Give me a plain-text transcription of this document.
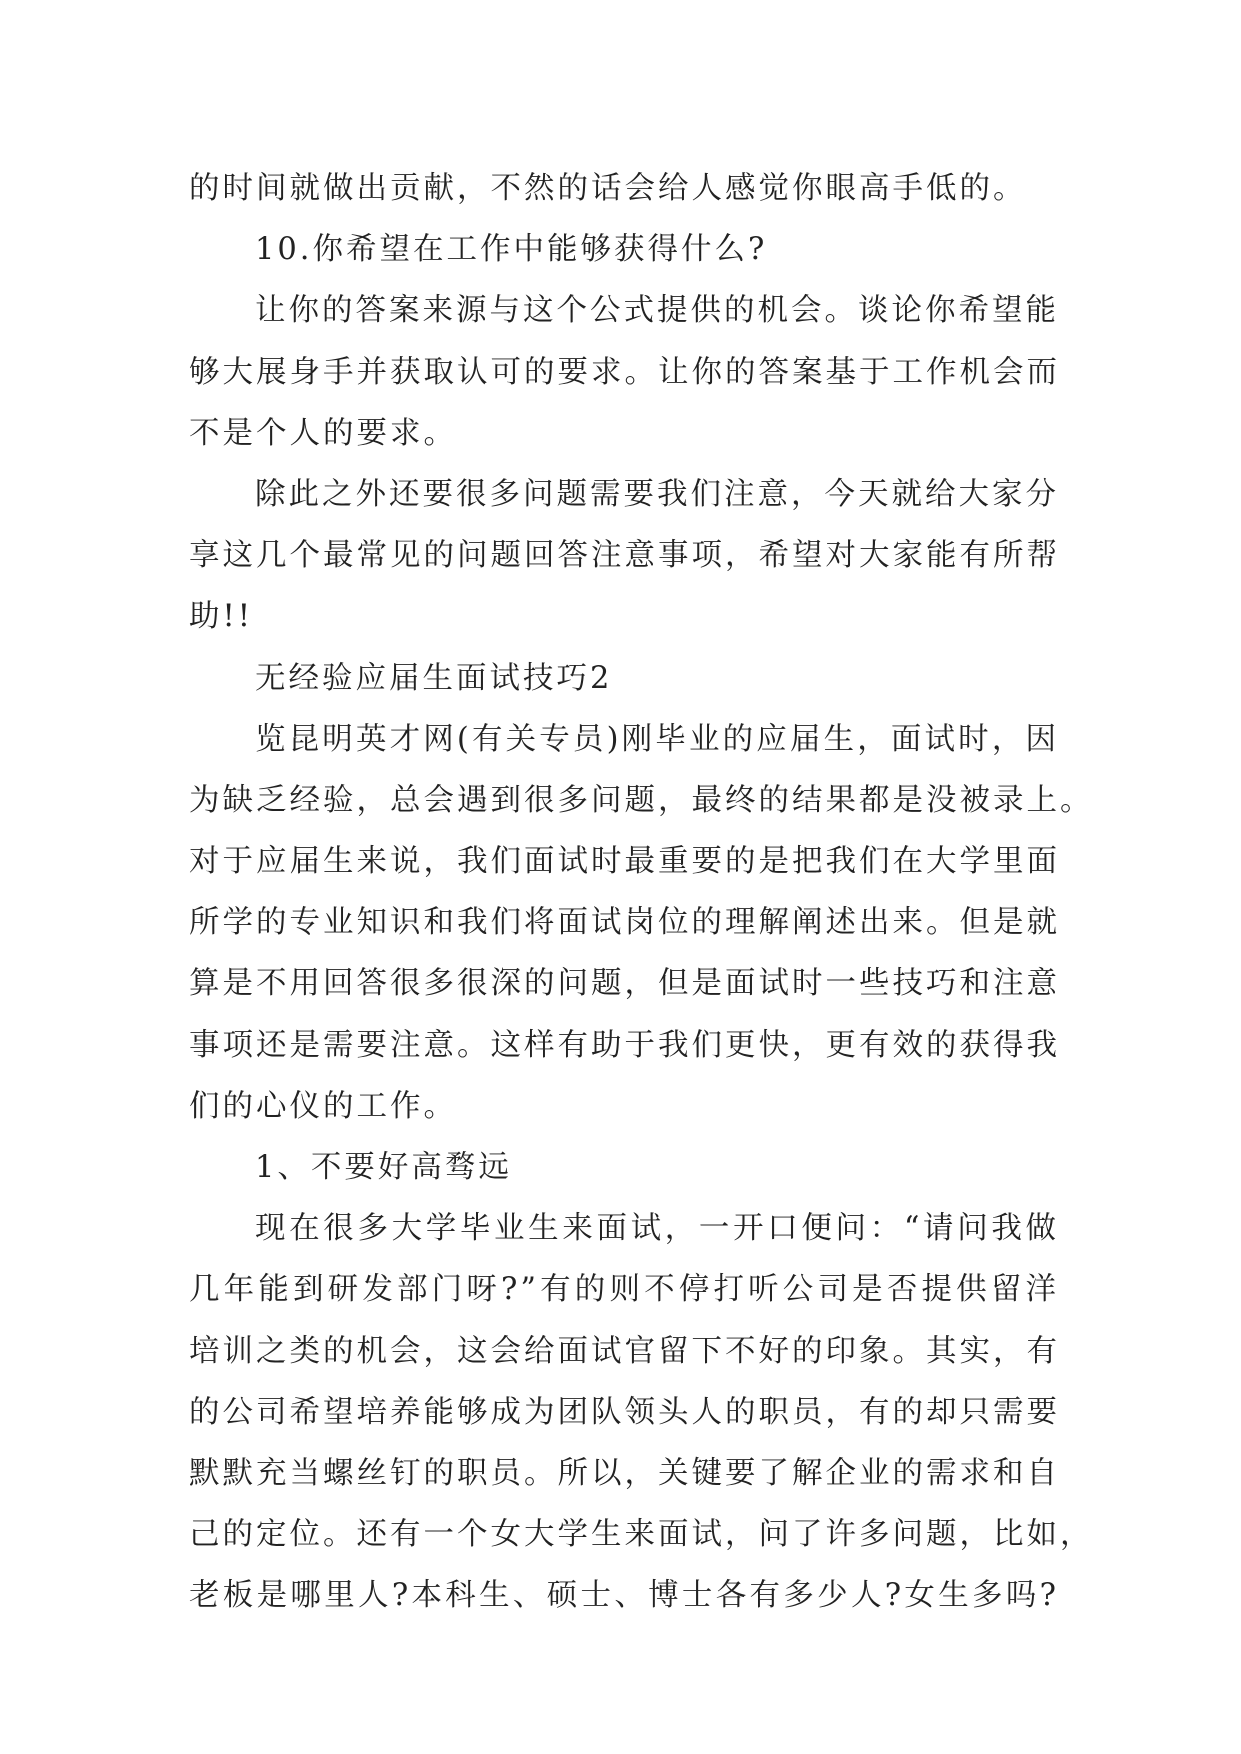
的时间就做出贡献，不然的话会给人感觉你眼高手低的。
10.你希望在工作中能够获得什么?
让你的答案来源与这个公式提供的机会。谈论你希望能
够大展身手并获取认可的要求。让你的答案基于工作机会而
不是个人的要求。
除此之外还要很多问题需要我们注意，今天就给大家分
享这几个最常见的问题回答注意事项，希望对大家能有所帮
助!!
无经验应届生面试技巧2
览昆明英才网(有关专员)刚毕业的应届生，面试时，因
为缺乏经验，总会遇到很多问题，最终的结果都是没被录上。
对于应届生来说，我们面试时最重要的是把我们在大学里面
所学的专业知识和我们将面试岗位的理解阐述出来。但是就
算是不用回答很多很深的问题，但是面试时一些技巧和注意
事项还是需要注意。这样有助于我们更快，更有效的获得我
们的心仪的工作。
1、不要好高骛远
现在很多大学毕业生来面试，一开口便问：“请问我做
几年能到研发部门呀?”有的则不停打听公司是否提供留洋
培训之类的机会，这会给面试官留下不好的印象。其实，有
的公司希望培养能够成为团队领头人的职员，有的却只需要
默默充当螺丝钉的职员。所以，关键要了解企业的需求和自
己的定位。还有一个女大学生来面试，问了许多问题，比如，
老板是哪里人?本科生、硕士、博士各有多少人?女生多吗?
